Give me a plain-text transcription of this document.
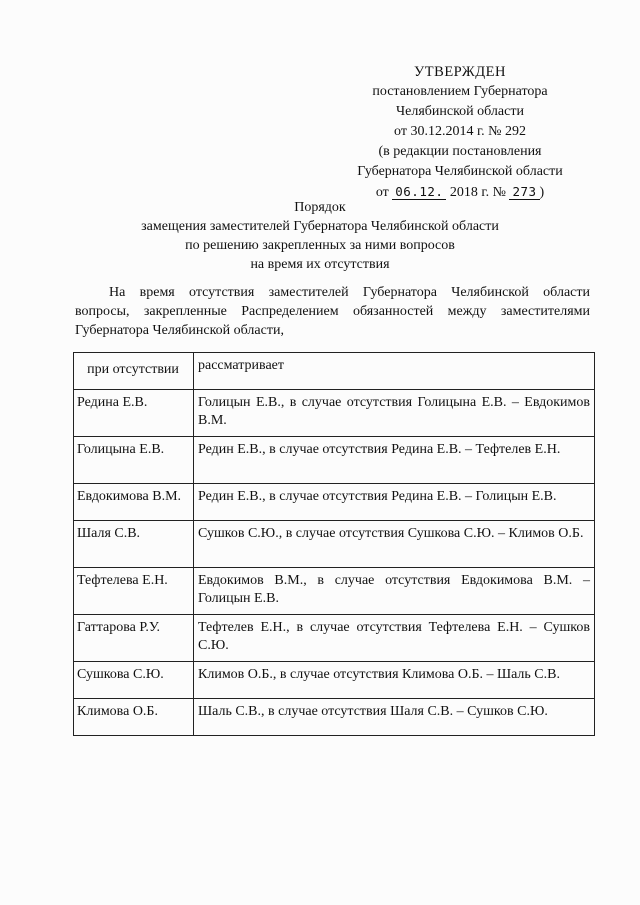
УТВЕРЖДЕН
постановлением Губернатора
Челябинской области
от 30.12.2014 г. № 292
(в редакции постановления
Губернатора Челябинской области
от 06.12. 2018 г. № 273 )
Порядок
замещения заместителей Губернатора Челябинской области
по решению закрепленных за ними вопросов
на время их отсутствия
На время отсутствия заместителей Губернатора Челябинской области
вопросы, закрепленные Распределением обязанностей между заместителями
Губернатора Челябинской области,
при отсутствии	рассматривает
Редина Е.В.	Голицын Е.В., в случае отсутствия Голицына Е.В. – Евдокимов В.М.
Голицына Е.В.	Редин Е.В., в случае отсутствия Редина Е.В. – Тефтелев Е.Н.
Евдокимова В.М.	Редин Е.В., в случае отсутствия Редина Е.В. – Голицын Е.В.
Шаля С.В.	Сушков С.Ю., в случае отсутствия Сушкова С.Ю. – Климов О.Б.
Тефтелева Е.Н.	Евдокимов В.М., в случае отсутствия Евдокимова В.М. – Голицын Е.В.
Гаттарова Р.У.	Тефтелев Е.Н., в случае отсутствия Тефтелева Е.Н. – Сушков С.Ю.
Сушкова С.Ю.	Климов О.Б., в случае отсутствия Климова О.Б. – Шаль С.В.
Климова О.Б.	Шаль С.В., в случае отсутствия Шаля С.В. – Сушков С.Ю.
